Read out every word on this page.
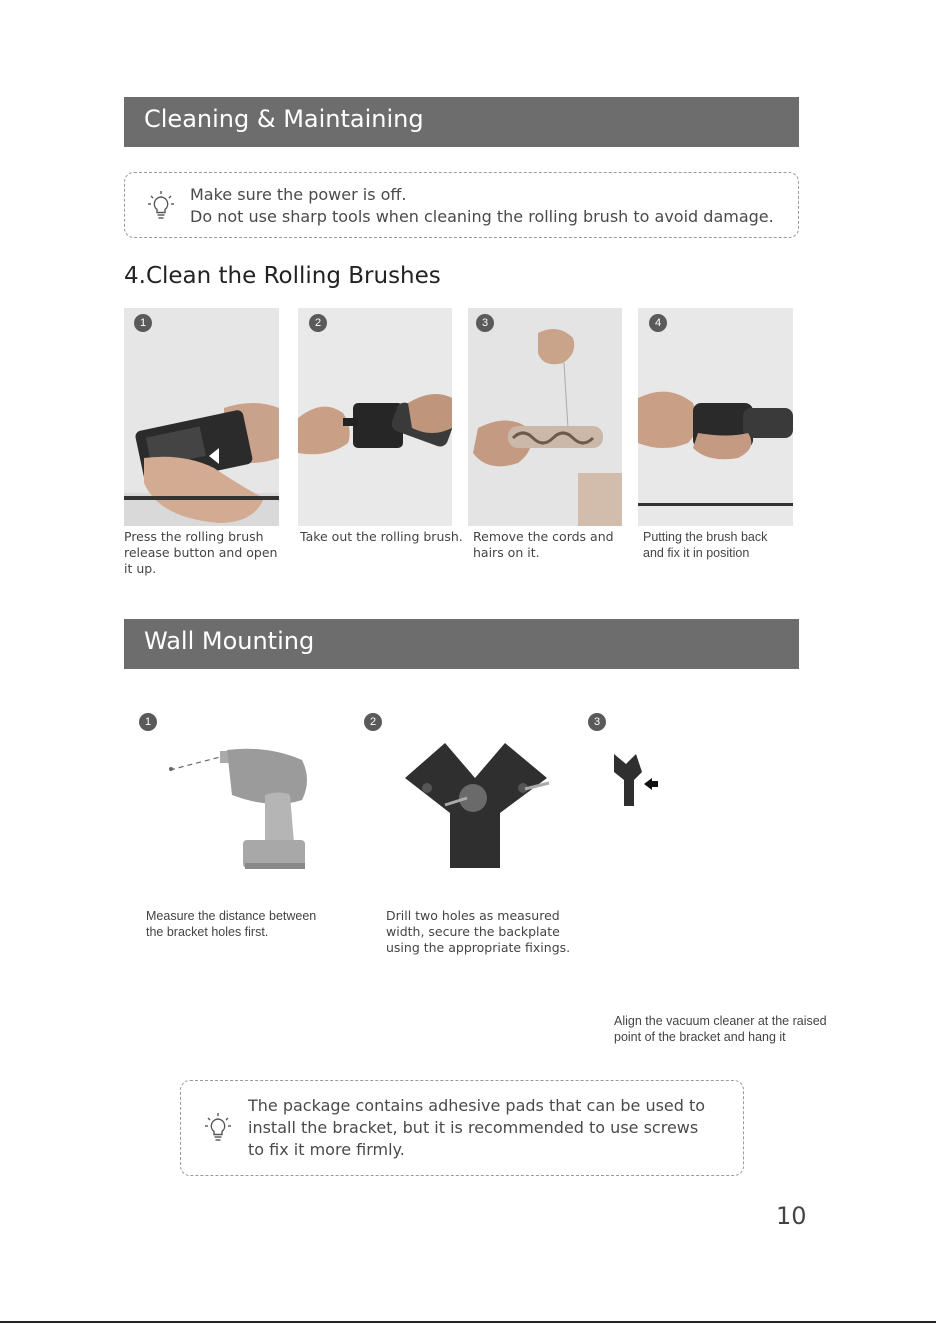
Cleaning & Maintaining
Make sure the power is off.
Do not use sharp tools when cleaning the rolling brush to avoid damage.
4.Clean the Rolling Brushes
1	2	3	4
Press the rolling brush
release button and open
it up.
Take out the rolling brush. Remove the cords and
hairs on it.
Putting the brush back
and fix it in position
Wall Mounting
1	2	3
Measure the distance between
the bracket holes first.
Drill two holes as measured
width, secure the backplate
using the appropriate fixings.
Align the vacuum cleaner at the raised
point of the bracket and hang it
The package contains adhesive pads that can be used to
install the bracket, but it is recommended to use screws
to fix it more firmly.
10
